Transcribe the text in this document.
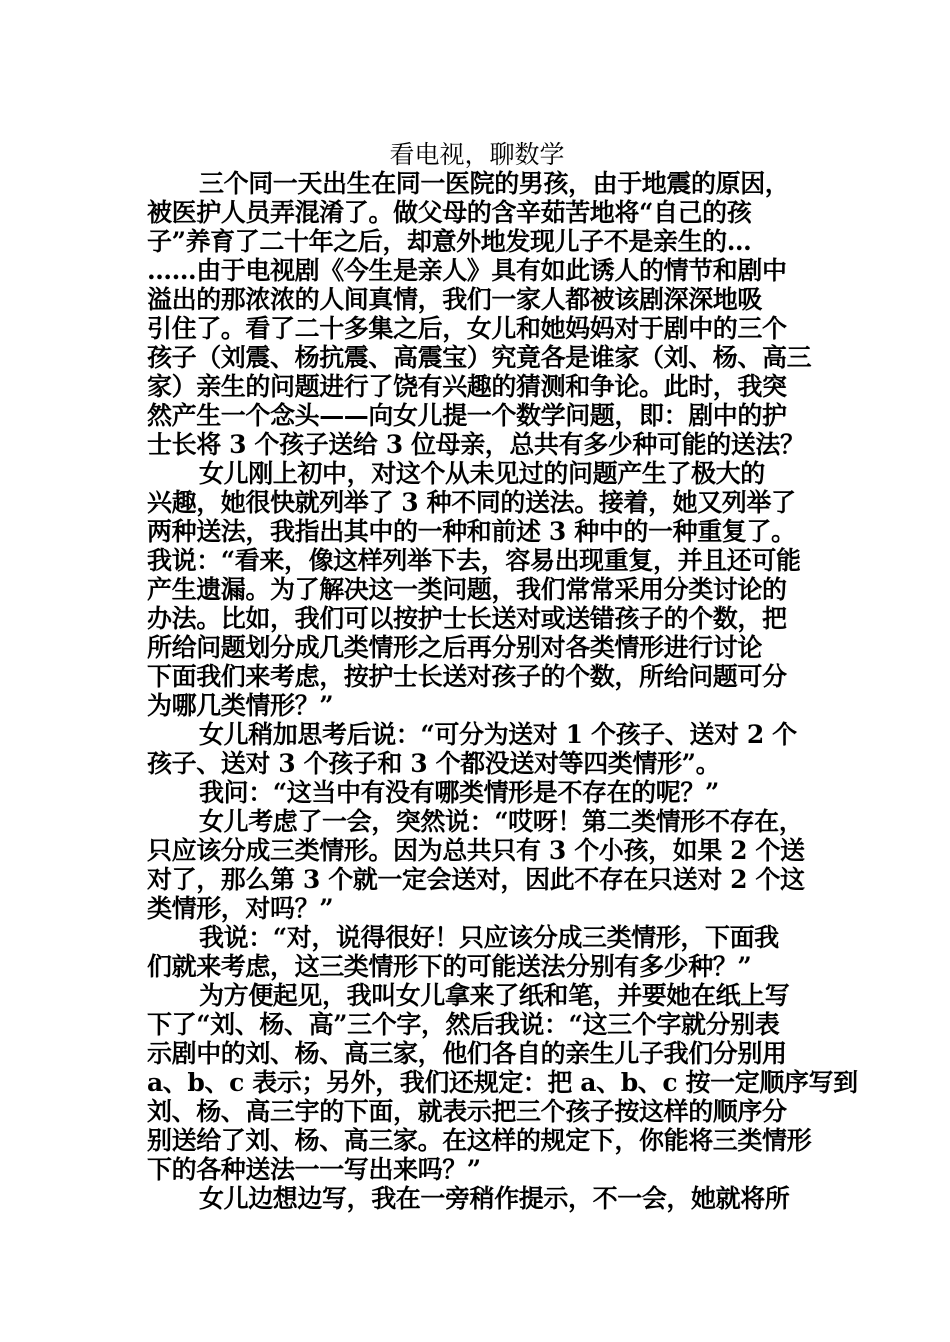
看电视，聊数学
三个同一天出生在同一医院的男孩，由于地震的原因，
被医护人员弄混淆了。做父母的含辛茹苦地将“自己的孩
子”养育了二十年之后，却意外地发现儿子不是亲生的…
……由于电视剧《今生是亲人》具有如此诱人的情节和剧中
溢出的那浓浓的人间真情，我们一家人都被该剧深深地吸
引住了。看了二十多集之后，女儿和她妈妈对于剧中的三个
孩子（刘震、杨抗震、高震宝）究竟各是谁家（刘、杨、高三
家）亲生的问题进行了饶有兴趣的猜测和争论。此时，我突
然产生一个念头——向女儿提一个数学问题，即：剧中的护
士长将 3 个孩子送给 3 位母亲，总共有多少种可能的送法？
女儿刚上初中，对这个从未见过的问题产生了极大的
兴趣，她很快就列举了 3 种不同的送法。接着，她又列举了
两种送法，我指出其中的一种和前述 3 种中的一种重复了。
我说：“看来，像这样列举下去，容易出现重复，并且还可能
产生遗漏。为了解决这一类问题，我们常常采用分类讨论的
办法。比如，我们可以按护士长送对或送错孩子的个数，把
所给问题划分成几类情形之后再分别对各类情形进行讨论
下面我们来考虑，按护士长送对孩子的个数，所给问题可分
为哪几类情形？”
女儿稍加思考后说：“可分为送对 1 个孩子、送对 2 个
孩子、送对 3 个孩子和 3 个都没送对等四类情形”。
我问：“这当中有没有哪类情形是不存在的呢？”
女儿考虑了一会，突然说：“哎呀！第二类情形不存在，
只应该分成三类情形。因为总共只有 3 个小孩，如果 2 个送
对了，那么第 3 个就一定会送对，因此不存在只送对 2 个这
类情形，对吗？”
我说：“对，说得很好！只应该分成三类情形，下面我
们就来考虑，这三类情形下的可能送法分别有多少种？”
为方便起见，我叫女儿拿来了纸和笔，并要她在纸上写
下了“刘、杨、高”三个字，然后我说：“这三个字就分别表
示剧中的刘、杨、高三家，他们各自的亲生儿子我们分别用
a、b、c 表示；另外，我们还规定：把 a、b、c 按一定顺序写到
刘、杨、高三宇的下面，就表示把三个孩子按这样的顺序分
别送给了刘、杨、高三家。在这样的规定下，你能将三类情形
下的各种送法一一写出来吗？”
女儿边想边写，我在一旁稍作提示，不一会，她就将所
